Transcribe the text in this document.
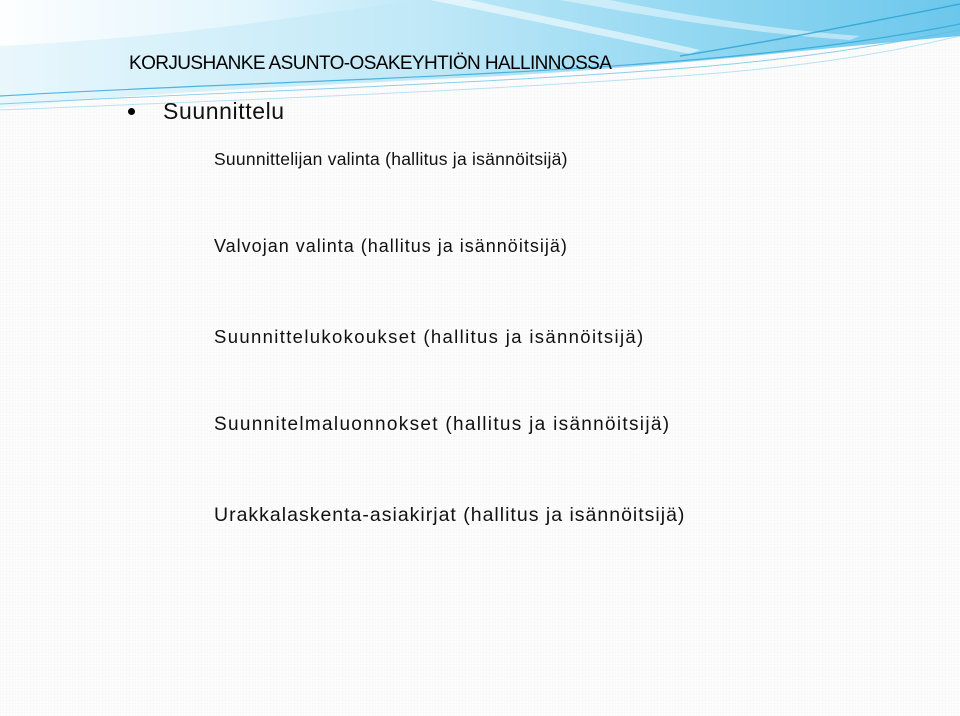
KORJUSHANKE ASUNTO-OSAKEYHTIÖN HALLINNOSSA
Suunnittelu
Suunnittelijan valinta (hallitus ja isännöitsijä)
Valvojan valinta (hallitus ja isännöitsijä)
Suunnittelukokoukset (hallitus ja isännöitsijä)
Suunnitelmaluonnokset (hallitus ja isännöitsijä)
Urakkalaskenta-asiakirjat (hallitus ja isännöitsijä)
